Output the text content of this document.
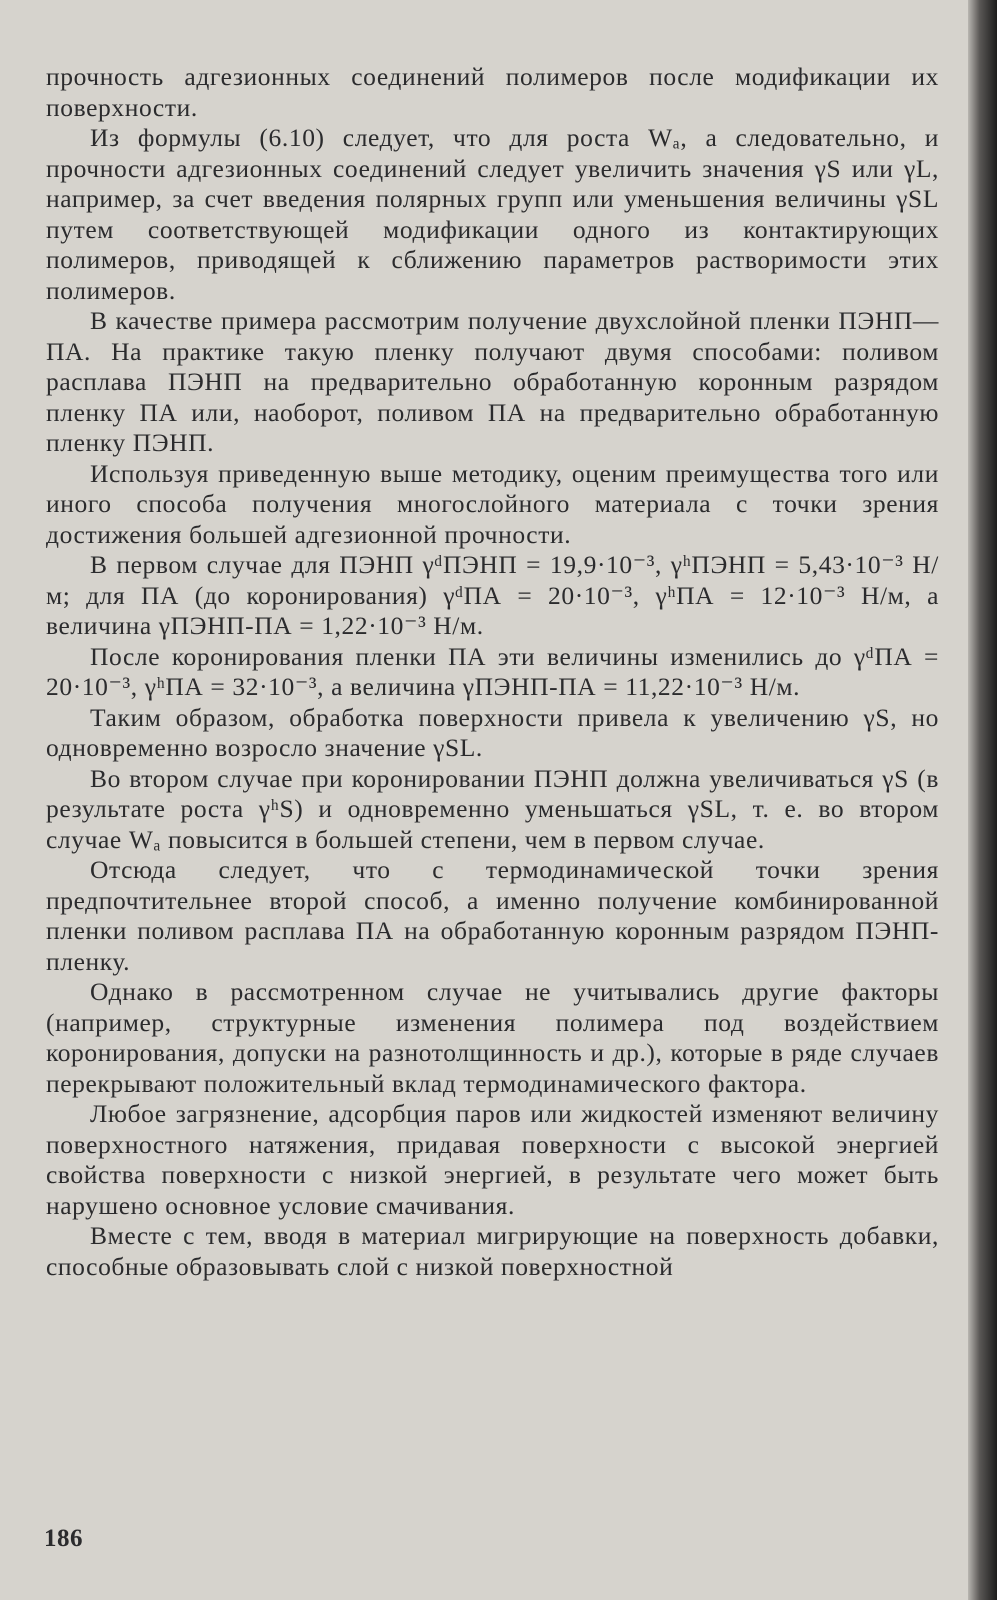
прочность адгезионных соединений полимеров после модификации их поверхности.

Из формулы (6.10) следует, что для роста Wₐ, а следовательно, и прочности адгезионных соединений следует увеличить значения γS или γL, например, за счет введения полярных групп или уменьшения величины γSL путем соответствующей модификации одного из контактирующих полимеров, приводящей к сближению параметров растворимости этих полимеров.

В качестве примера рассмотрим получение двухслойной пленки ПЭНП—ПА. На практике такую пленку получают двумя способами: поливом расплава ПЭНП на предварительно обработанную коронным разрядом пленку ПА или, наоборот, поливом ПА на предварительно обработанную пленку ПЭНП.

Используя приведенную выше методику, оценим преимущества того или иного способа получения многослойного материала с точки зрения достижения большей адгезионной прочности.

В первом случае для ПЭНП γᵈПЭНП = 19,9·10⁻³, γʰПЭНП = 5,43·10⁻³ Н/м; для ПА (до коронирования) γᵈПА = 20·10⁻³, γʰПА = 12·10⁻³ Н/м, а величина γПЭНП-ПА = 1,22·10⁻³ Н/м.

После коронирования пленки ПА эти величины изменились до γᵈПА = 20·10⁻³, γʰПА = 32·10⁻³, а величина γПЭНП-ПА = 11,22·10⁻³ Н/м.

Таким образом, обработка поверхности привела к увеличению γS, но одновременно возросло значение γSL.

Во втором случае при коронировании ПЭНП должна увеличиваться γS (в результате роста γʰS) и одновременно уменьшаться γSL, т. е. во втором случае Wₐ повысится в большей степени, чем в первом случае.

Отсюда следует, что с термодинамической точки зрения предпочтительнее второй способ, а именно получение комбинированной пленки поливом расплава ПА на обработанную коронным разрядом ПЭНП-пленку.

Однако в рассмотренном случае не учитывались другие факторы (например, структурные изменения полимера под воздействием коронирования, допуски на разнотолщинность и др.), которые в ряде случаев перекрывают положительный вклад термодинамического фактора.

Любое загрязнение, адсорбция паров или жидкостей изменяют величину поверхностного натяжения, придавая поверхности с высокой энергией свойства поверхности с низкой энергией, в результате чего может быть нарушено основное условие смачивания.

Вместе с тем, вводя в материал мигрирующие на поверхность добавки, способные образовывать слой с низкой поверхностной

186
